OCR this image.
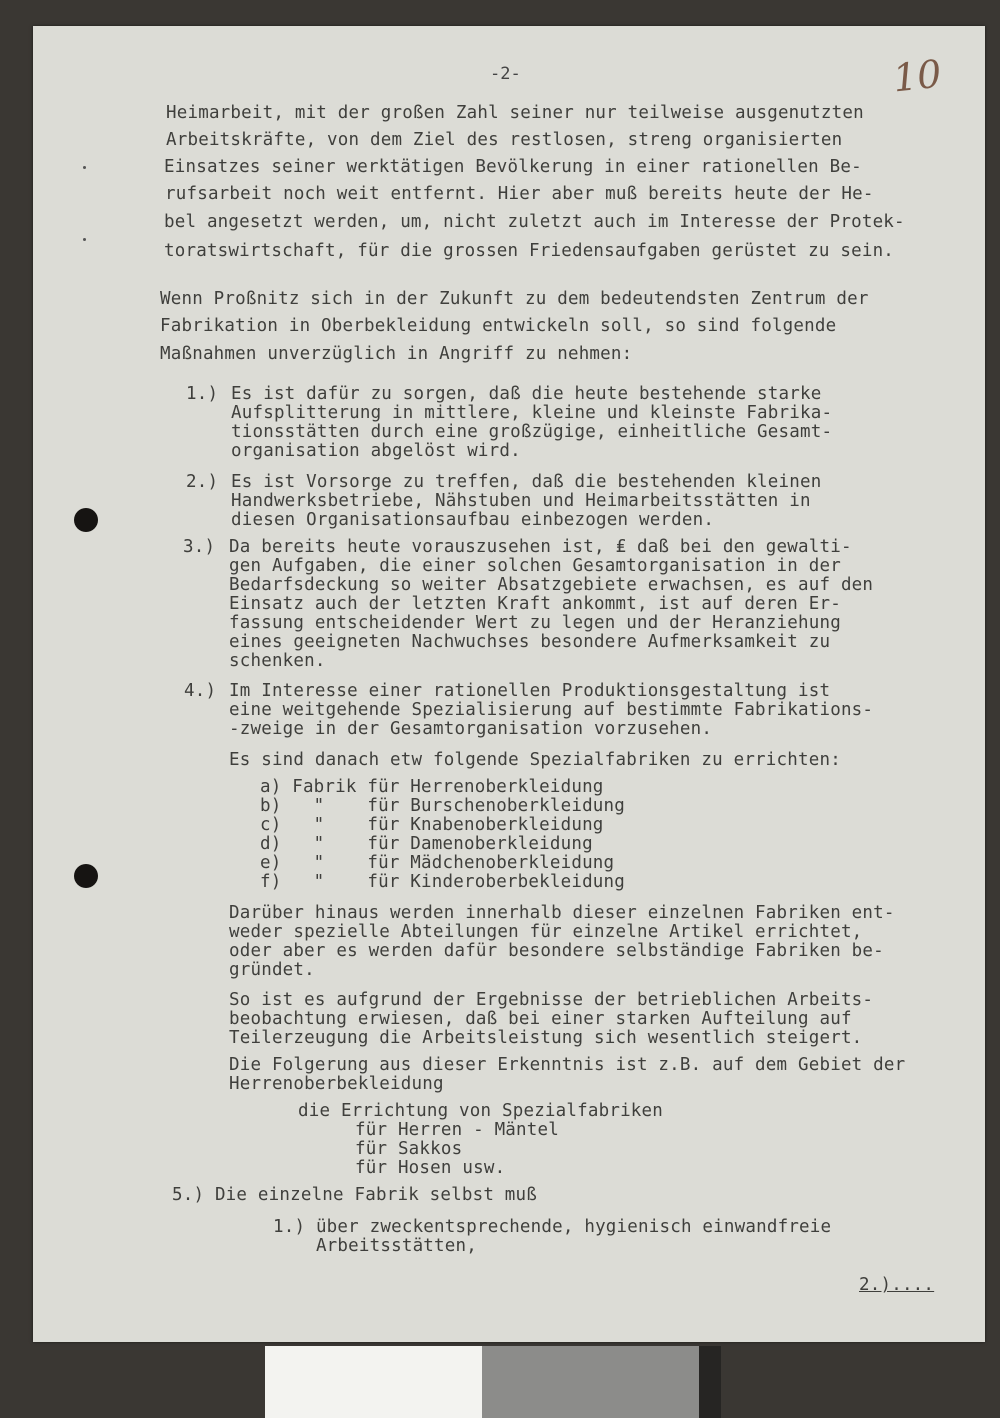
-2-	10
Heimarbeit, mit der großen Zahl seiner nur teilweise ausgenutzten
Arbeitskräfte, von dem Ziel des restlosen, streng organisierten
Einsatzes seiner werktätigen Bevölkerung in einer rationellen Be-
rufsarbeit noch weit entfernt. Hier aber muß bereits heute der He-
bel angesetzt werden, um, nicht zuletzt auch im Interesse der Protek-
toratswirtschaft, für die grossen Friedensaufgaben gerüstet zu sein.
Wenn Proßnitz sich in der Zukunft zu dem bedeutendsten Zentrum der
Fabrikation in Oberbekleidung entwickeln soll, so sind folgende
Maßnahmen unverzüglich in Angriff zu nehmen:
1.) Es ist dafür zu sorgen, daß die heute bestehende starke
Aufsplitterung in mittlere, kleine und kleinste Fabrika-
tionsstätten durch eine großzügige, einheitliche Gesamt-
organisation abgelöst wird.
2.) Es ist Vorsorge zu treffen, daß die bestehenden kleinen
Handwerksbetriebe, Nähstuben und Heimarbeitsstätten in
diesen Organisationsaufbau einbezogen werden.
3.) Da bereits heute vorauszusehen ist, ₤ daß bei den gewalti-
gen Aufgaben, die einer solchen Gesamtorganisation in der
Bedarfsdeckung so weiter Absatzgebiete erwachsen, es auf den
Einsatz auch der letzten Kraft ankommt, ist auf deren Er-
fassung entscheidender Wert zu legen und der Heranziehung
eines geeigneten Nachwuchses besondere Aufmerksamkeit zu
schenken.
4.) Im Interesse einer rationellen Produktionsgestaltung ist
eine weitgehende Spezialisierung auf bestimmte Fabrikations-
-zweige in der Gesamtorganisation vorzusehen.
Es sind danach etw folgende Spezialfabriken zu errichten:
a) Fabrik für Herrenoberkleidung
b)   "    für Burschenoberkleidung
c)   "    für Knabenoberkleidung
d)   "    für Damenoberkleidung
e)   "    für Mädchenoberkleidung
f)   "    für Kinderoberbekleidung
Darüber hinaus werden innerhalb dieser einzelnen Fabriken ent-
weder spezielle Abteilungen für einzelne Artikel errichtet,
oder aber es werden dafür besondere selbständige Fabriken be-
gründet.
So ist es aufgrund der Ergebnisse der betrieblichen Arbeits-
beobachtung erwiesen, daß bei einer starken Aufteilung auf
Teilerzeugung die Arbeitsleistung sich wesentlich steigert.
Die Folgerung aus dieser Erkenntnis ist z.B. auf dem Gebiet der
Herrenoberbekleidung
die Errichtung von Spezialfabriken
für Herren - Mäntel
für Sakkos
für Hosen usw.
5.) Die einzelne Fabrik selbst muß
1.) über zweckentsprechende, hygienisch einwandfreie
Arbeitsstätten,
2.)....
